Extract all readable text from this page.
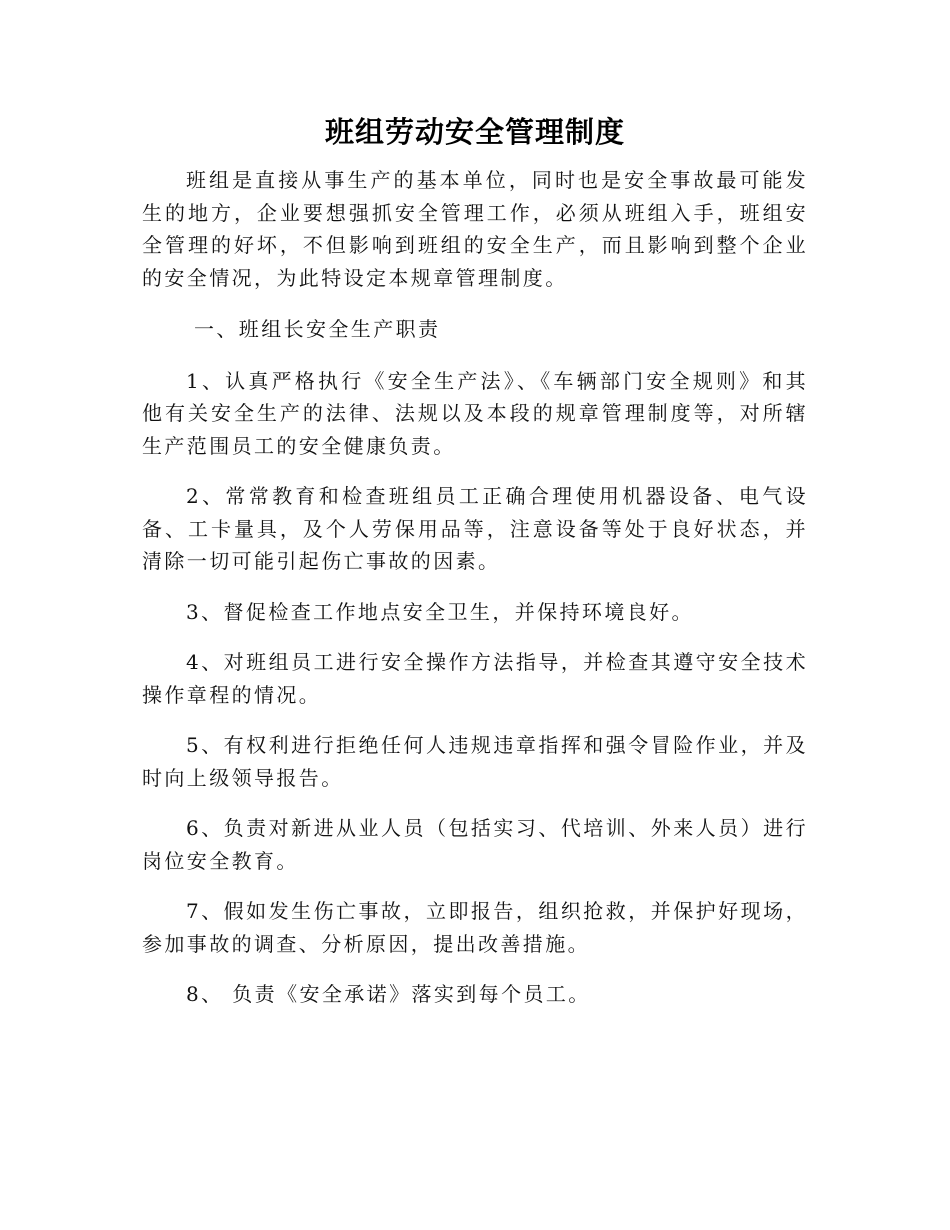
班组劳动安全管理制度

班组是直接从事生产的基本单位，同时也是安全事故最可能发生的地方，企业要想强抓安全管理工作，必须从班组入手，班组安全管理的好坏，不但影响到班组的安全生产，而且影响到整个企业的安全情况，为此特设定本规章管理制度。

一、班组长安全生产职责

1、认真严格执行《安全生产法》、《车辆部门安全规则》和其他有关安全生产的法律、法规以及本段的规章管理制度等，对所辖生产范围员工的安全健康负责。

2、常常教育和检查班组员工正确合理使用机器设备、电气设备、工卡量具，及个人劳保用品等，注意设备等处于良好状态，并清除一切可能引起伤亡事故的因素。

3、督促检查工作地点安全卫生，并保持环境良好。

4、对班组员工进行安全操作方法指导，并检查其遵守安全技术操作章程的情况。

5、有权利进行拒绝任何人违规违章指挥和强令冒险作业，并及时向上级领导报告。

6、负责对新进从业人员（包括实习、代培训、外来人员）进行岗位安全教育。

7、假如发生伤亡事故，立即报告，组织抢救，并保护好现场，参加事故的调查、分析原因，提出改善措施。

8、 负责《安全承诺》落实到每个员工。
